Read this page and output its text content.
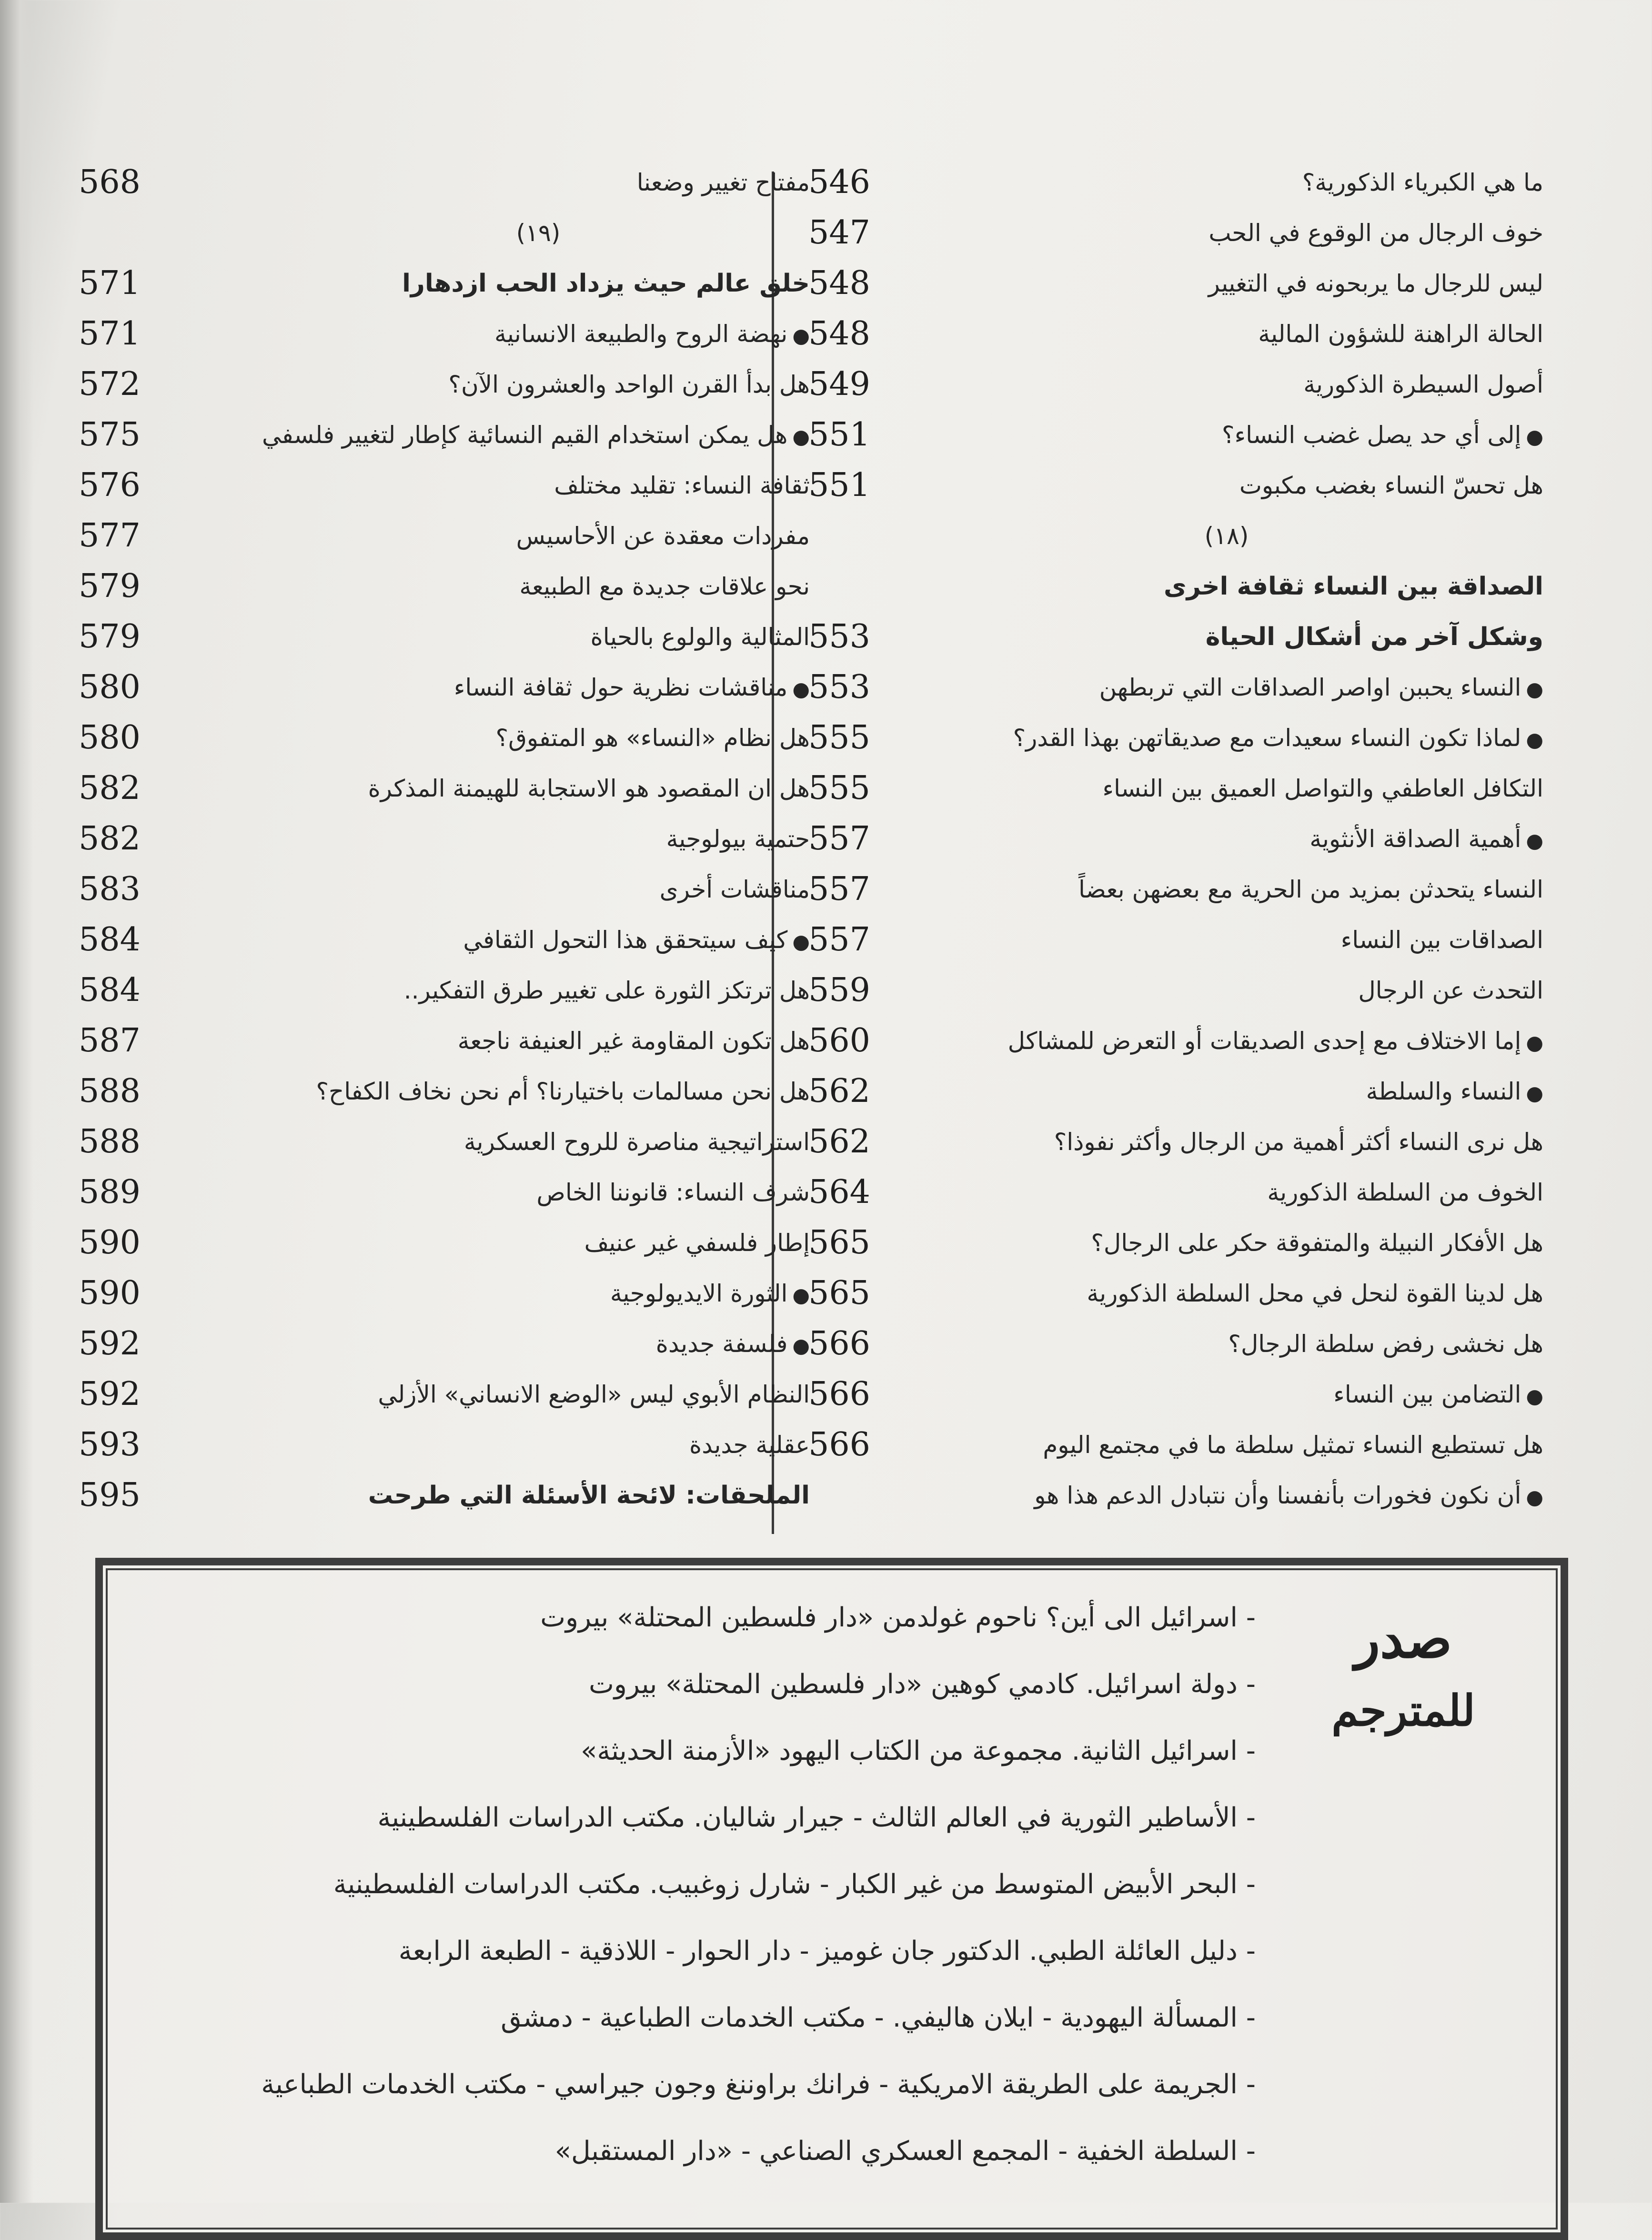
ما هي الكبرياء الذكورية؟
خوف الرجال من الوقوع في الحب
ليس للرجال ما يربحونه في التغيير
الحالة الراهنة للشؤون المالية
أصول السيطرة الذكورية
●إلى أي حد يصل غضب النساء؟
هل تحسّ النساء بغضب مكبوت
(١٨)
الصداقة بين النساء ثقافة اخرى
وشكل آخر من أشكال الحياة
●النساء يحببن اواصر الصداقات التي تربطهن
●لماذا تكون النساء سعيدات مع صديقاتهن بهذا القدر؟
التكافل العاطفي والتواصل العميق بين النساء
●أهمية الصداقة الأنثوية
النساء يتحدثن بمزيد من الحرية مع بعضهن بعضاً
الصداقات بين النساء
التحدث عن الرجال
●إما الاختلاف مع إحدى الصديقات أو التعرض للمشاكل
●النساء والسلطة
هل نرى النساء أكثر أهمية من الرجال وأكثر نفوذا؟
الخوف من السلطة الذكورية
هل الأفكار النبيلة والمتفوقة حكر على الرجال؟
هل لدينا القوة لنحل في محل السلطة الذكورية
هل نخشى رفض سلطة الرجال؟
●التضامن بين النساء
هل تستطيع النساء تمثيل سلطة ما في مجتمع اليوم
●أن نكون فخورات بأنفسنا وأن نتبادل الدعم هذا هو
546
547
548
548
549
551
551
553
553
555
555
557
557
557
559
560
562
562
564
565
565
566
566
566
مفتاح تغيير وضعنا
(١٩)
خلق عالم حيث يزداد الحب ازدهارا
●نهضة الروح والطبيعة الانسانية
هل بدأ القرن الواحد والعشرون الآن؟
●هل يمكن استخدام القيم النسائية كإطار لتغيير فلسفي
ثقافة النساء: تقليد مختلف
مفردات معقدة عن الأحاسيس
نحو علاقات جديدة مع الطبيعة
المثالية والولوع بالحياة
●مناقشات نظرية حول ثقافة النساء
هل نظام «النساء» هو المتفوق؟
هل ان المقصود هو الاستجابة للهيمنة المذكرة
حتمية بيولوجية
مناقشات أخرى
●كيف سيتحقق هذا التحول الثقافي
هل ترتكز الثورة على تغيير طرق التفكير..
هل تكون المقاومة غير العنيفة ناجعة
هل نحن مسالمات باختيارنا؟ أم نحن نخاف الكفاح؟
استراتيجية مناصرة للروح العسكرية
شرف النساء: قانوننا الخاص
إطار فلسفي غير عنيف
●الثورة الايديولوجية
●فلسفة جديدة
النظام الأبوي ليس «الوضع الانساني» الأزلي
عقلية جديدة
الملحقات: لائحة الأسئلة التي طرحت
568
571
571
572
575
576
577
579
579
580
580
582
582
583
584
584
587
588
588
589
590
590
592
592
593
595
صدر
للمترجم
- اسرائيل الى أين؟ ناحوم غولدمن «دار فلسطين المحتلة» بيروت
- دولة اسرائيل. كادمي كوهين «دار فلسطين المحتلة» بيروت
- اسرائيل الثانية. مجموعة من الكتاب اليهود «الأزمنة الحديثة»
- الأساطير الثورية في العالم الثالث - جيرار شاليان. مكتب الدراسات الفلسطينية
- البحر الأبيض المتوسط من غير الكبار - شارل زوغبيب. مكتب الدراسات الفلسطينية
- دليل العائلة الطبي. الدكتور جان غوميز - دار الحوار - اللاذقية - الطبعة الرابعة
- المسألة اليهودية - ايلان هاليفي. - مكتب الخدمات الطباعية - دمشق
- الجريمة على الطريقة الامريكية - فرانك براوننغ وجون جيراسي - مكتب الخدمات الطباعية
- السلطة الخفية - المجمع العسكري الصناعي - «دار المستقبل»
